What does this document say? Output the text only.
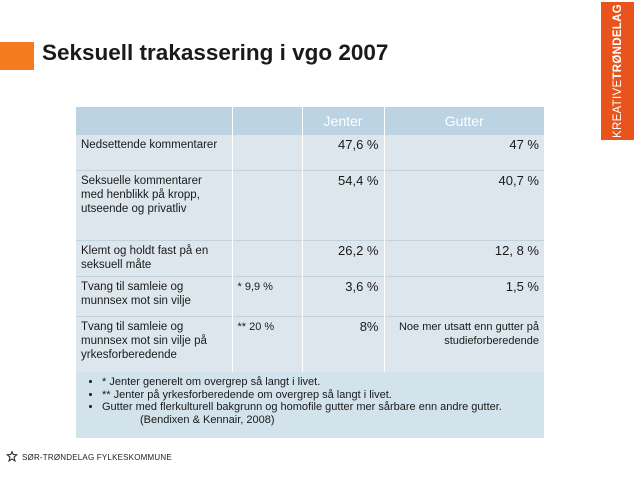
Seksuell trakassering i vgo 2007
KREATIVETRØNDELAG
		Jenter	Gutter
Nedsettende kommentarer		47,6 %	47 %
Seksuelle kommentarer med henblikk på kropp, utseende og privatliv		54,4 %	40,7 %
Klemt og holdt fast på en seksuell måte		26,2 %	12, 8 %
Tvang til samleie og munnsex mot sin vilje	* 9,9 %	3,6 %	1,5 %
Tvang til samleie og munnsex mot sin vilje på yrkesforberedende	** 20 %	8%	Noe mer utsatt enn gutter på studieforberedende
• * Jenter generelt om overgrep så langt i livet.
• ** Jenter på yrkesforberedende om overgrep så langt i livet.
• Gutter med flerkulturell bakgrunn og homofile gutter mer sårbare enn andre gutter.
(Bendixen & Kennair, 2008)
SØR-TRØNDELAG FYLKESKOMMUNE
